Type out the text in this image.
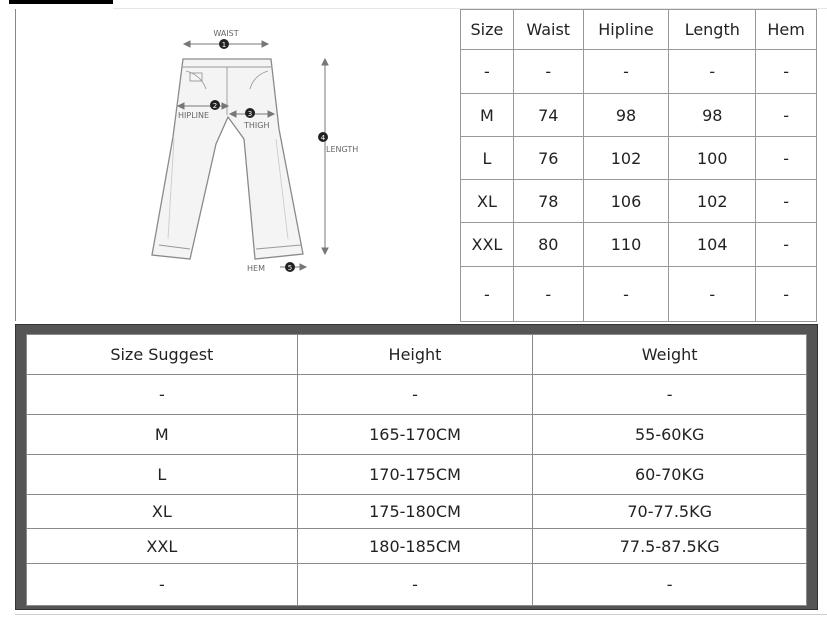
WAIST
1
HIPLINE
2
THIGH
3
4
LENGTH
HEM	5
Size	Waist	Hipline	Length	Hem
-	-	-	-	-
M	74	98	98	-
L	76	102	100	-
XL	78	106	102	-
XXL	80	110	104	-
-	-	-	-	-
Size Suggest	Height	Weight
-	-	-
M	165-170CM	55-60KG
L	170-175CM	60-70KG
XL	175-180CM	70-77.5KG
XXL	180-185CM	77.5-87.5KG
-	-	-
